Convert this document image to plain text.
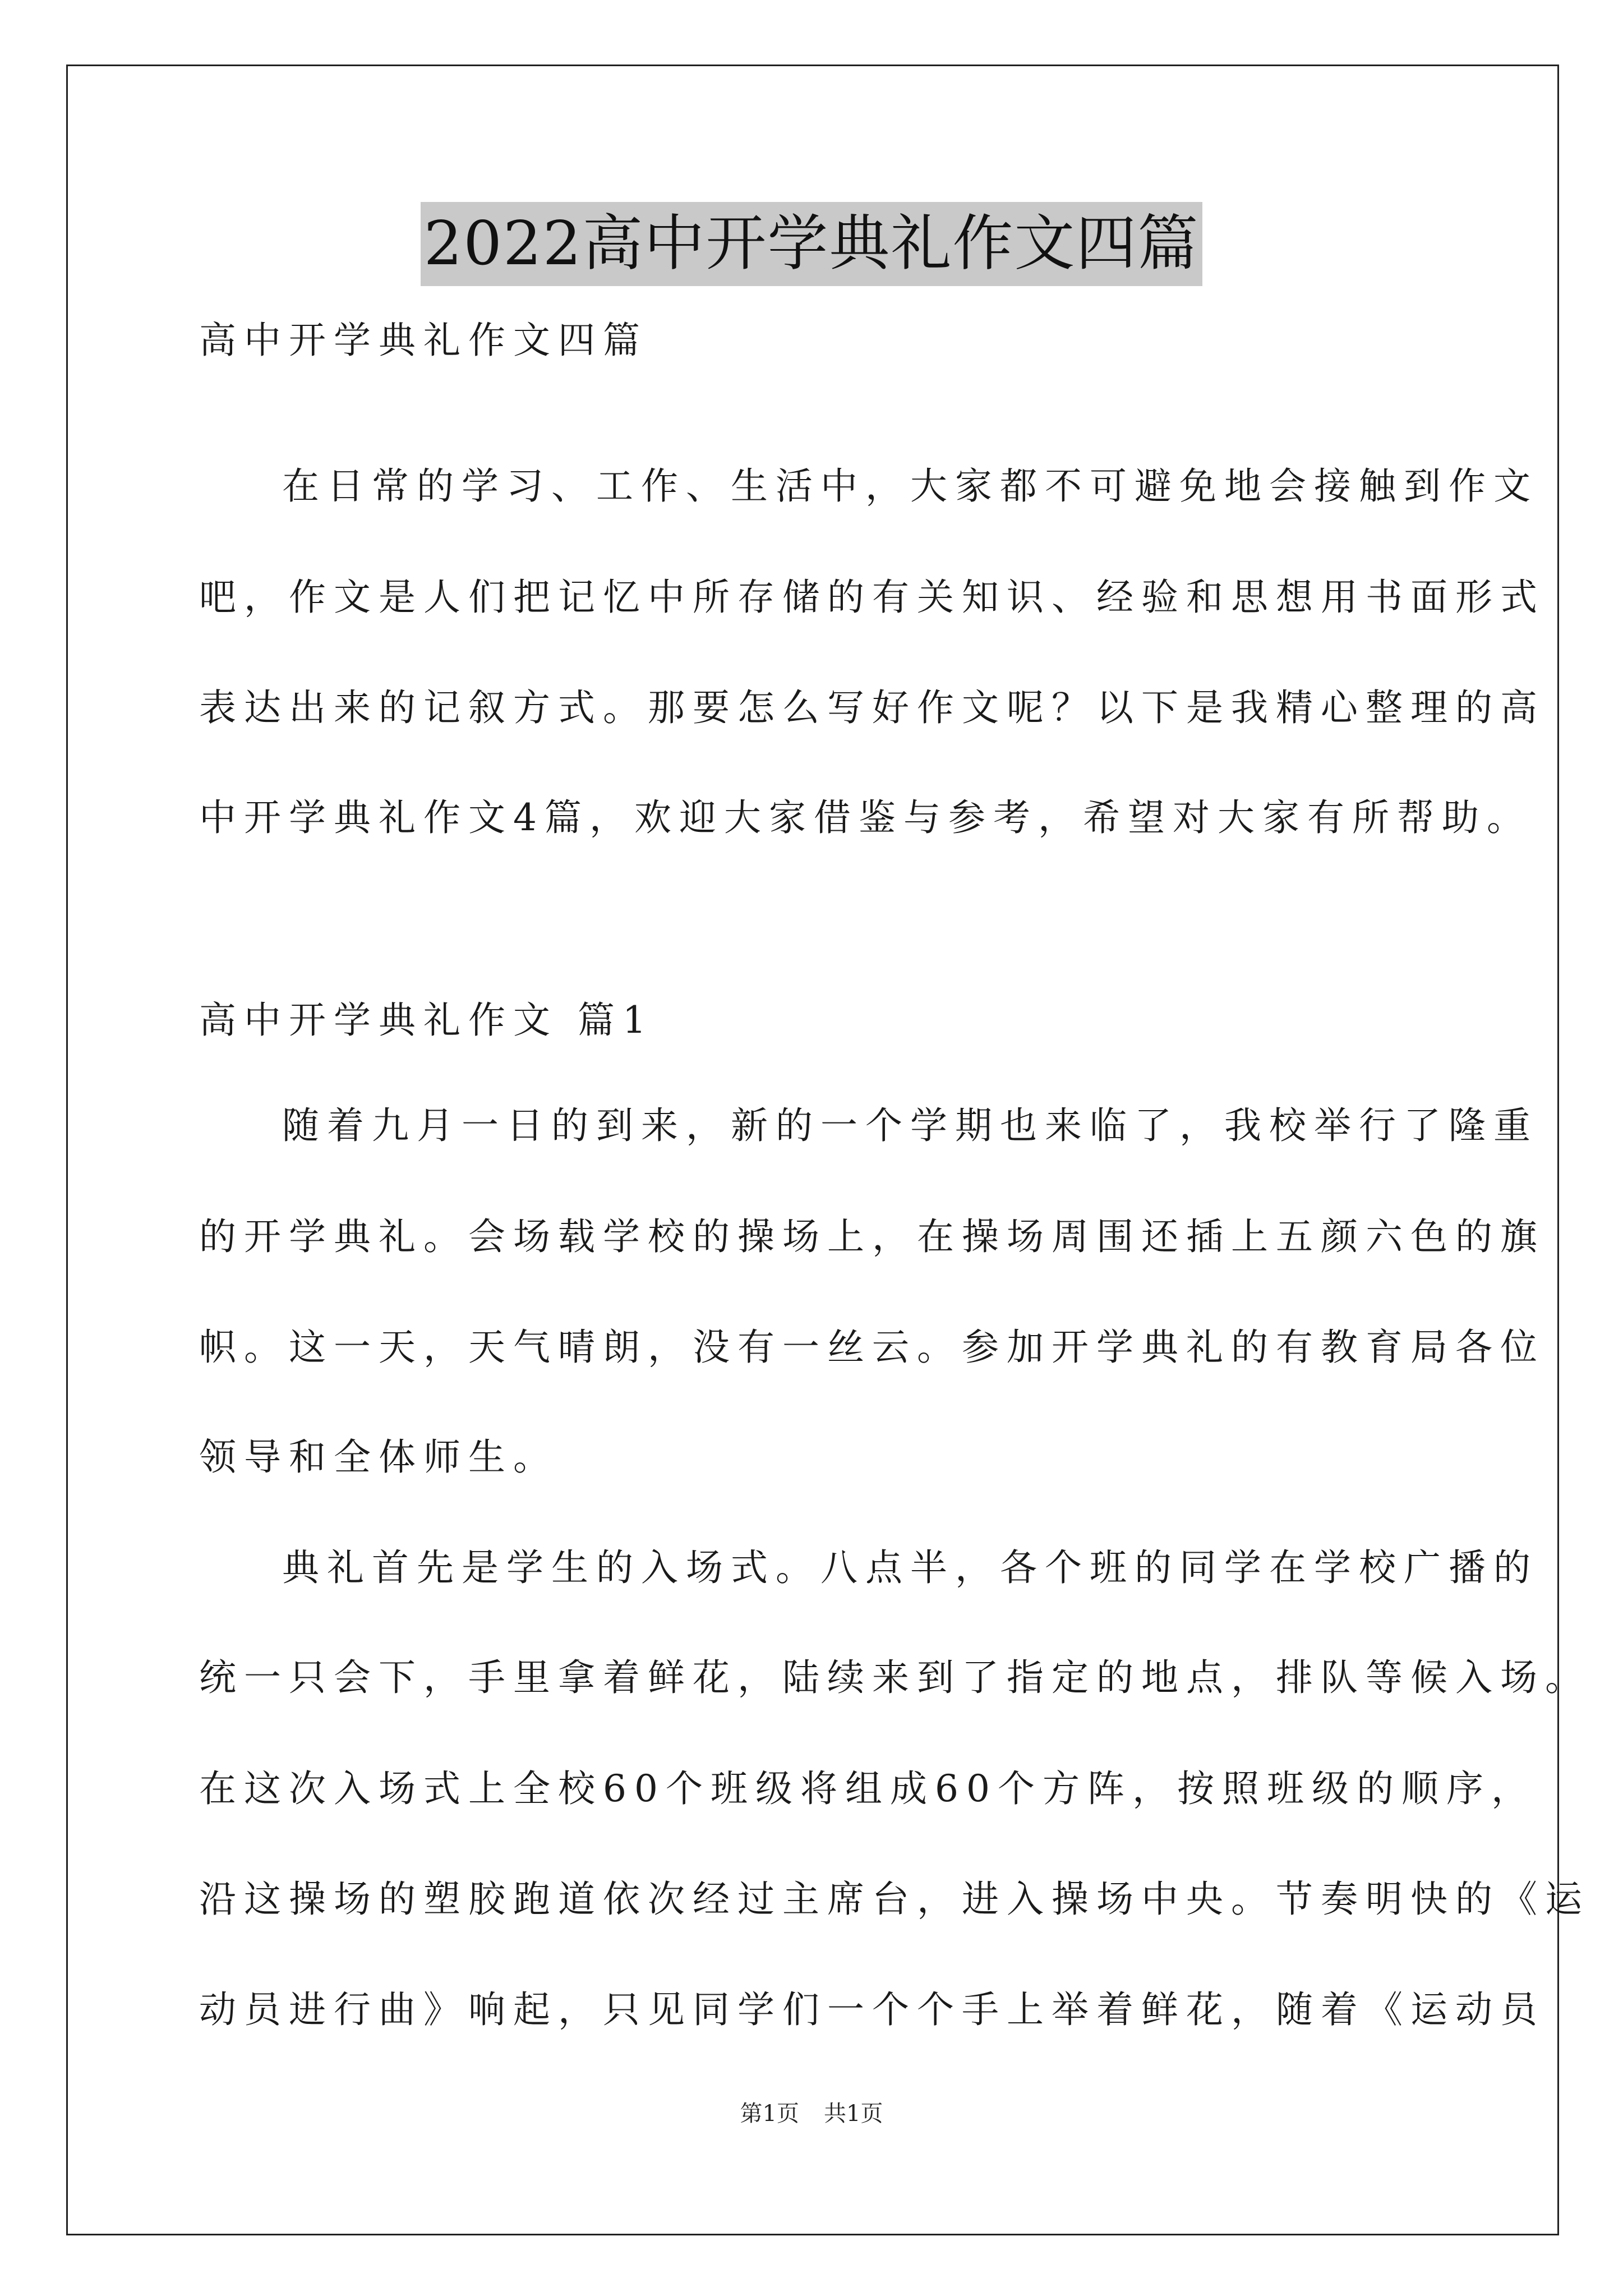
2022高中开学典礼作文四篇
高中开学典礼作文四篇
在日常的学习、工作、生活中，大家都不可避免地会接触到作文
吧，作文是人们把记忆中所存储的有关知识、经验和思想用书面形式
表达出来的记叙方式。那要怎么写好作文呢？以下是我精心整理的高
中开学典礼作文4篇，欢迎大家借鉴与参考，希望对大家有所帮助。
高中开学典礼作文 篇1
随着九月一日的到来，新的一个学期也来临了，我校举行了隆重
的开学典礼。会场载学校的操场上，在操场周围还插上五颜六色的旗
帜。这一天，天气晴朗，没有一丝云。参加开学典礼的有教育局各位
领导和全体师生。
典礼首先是学生的入场式。八点半，各个班的同学在学校广播的
统一只会下，手里拿着鲜花，陆续来到了指定的地点，排队等候入场。
在这次入场式上全校60个班级将组成60个方阵，按照班级的顺序，
沿这操场的塑胶跑道依次经过主席台，进入操场中央。节奏明快的《运
动员进行曲》响起，只见同学们一个个手上举着鲜花，随着《运动员
第1页 共1页
